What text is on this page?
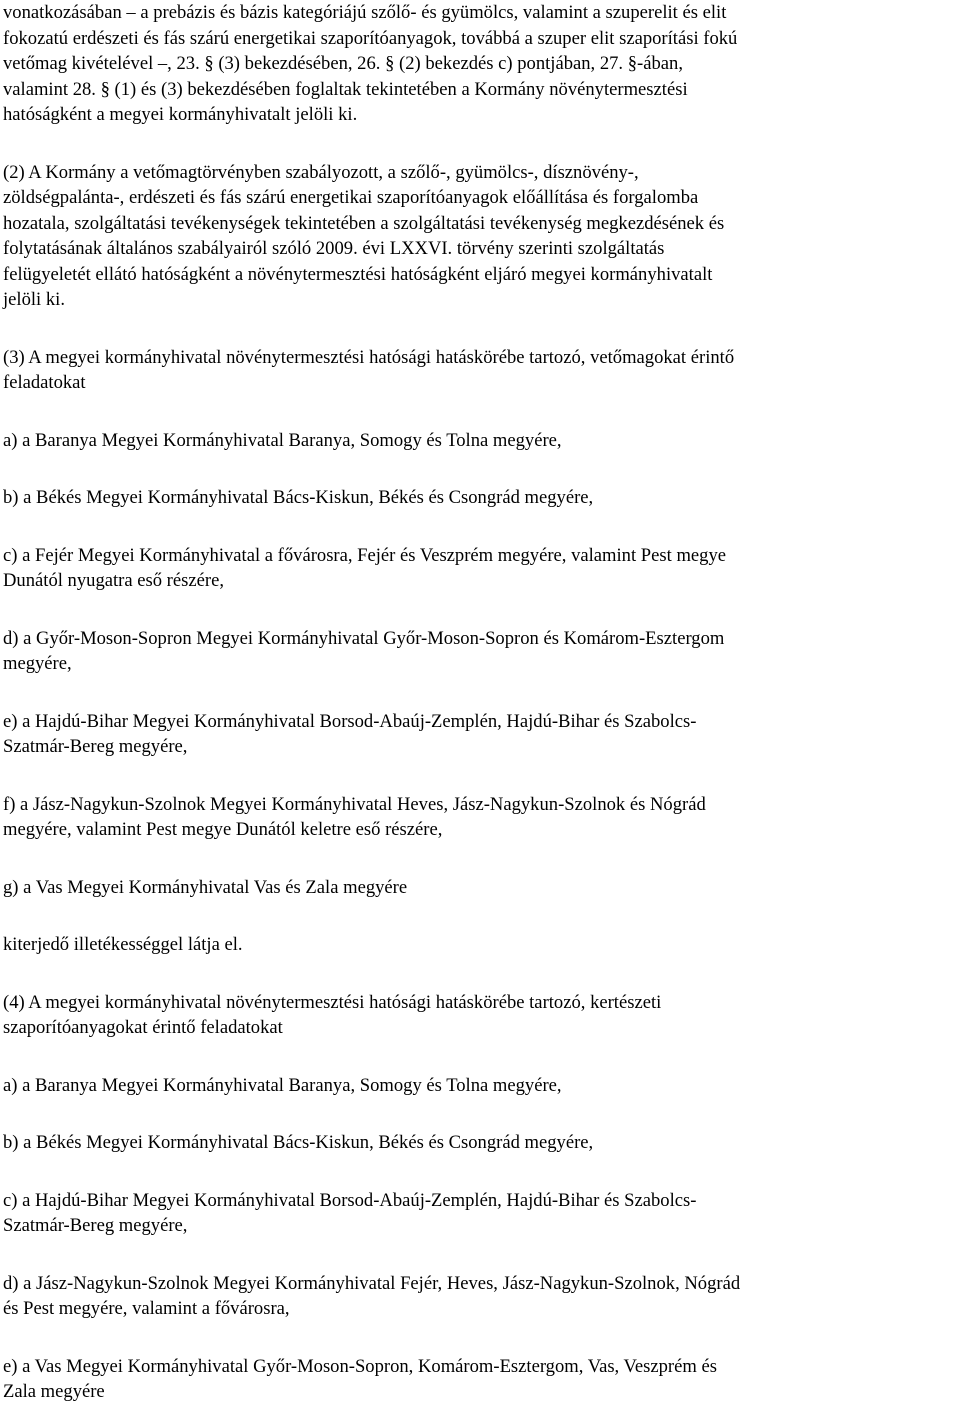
vonatkozásában – a prebázis és bázis kategóriájú szőlő- és gyümölcs, valamint a szuperelit és elit
fokozatú erdészeti és fás szárú energetikai szaporítóanyagok, továbbá a szuper elit szaporítási fokú
vetőmag kivételével –, 23. § (3) bekezdésében, 26. § (2) bekezdés c) pontjában, 27. §-ában,
valamint 28. § (1) és (3) bekezdésében foglaltak tekintetében a Kormány növénytermesztési
hatóságként a megyei kormányhivatalt jelöli ki.
(2) A Kormány a vetőmagtörvényben szabályozott, a szőlő-, gyümölcs-, dísznövény-,
zöldségpalánta-, erdészeti és fás szárú energetikai szaporítóanyagok előállítása és forgalomba
hozatala, szolgáltatási tevékenységek tekintetében a szolgáltatási tevékenység megkezdésének és
folytatásának általános szabályairól szóló 2009. évi LXXVI. törvény szerinti szolgáltatás
felügyeletét ellátó hatóságként a növénytermesztési hatóságként eljáró megyei kormányhivatalt
jelöli ki.
(3) A megyei kormányhivatal növénytermesztési hatósági hatáskörébe tartozó, vetőmagokat érintő
feladatokat
a) a Baranya Megyei Kormányhivatal Baranya, Somogy és Tolna megyére,
b) a Békés Megyei Kormányhivatal Bács-Kiskun, Békés és Csongrád megyére,
c) a Fejér Megyei Kormányhivatal a fővárosra, Fejér és Veszprém megyére, valamint Pest megye
Dunától nyugatra eső részére,
d) a Győr-Moson-Sopron Megyei Kormányhivatal Győr-Moson-Sopron és Komárom-Esztergom
megyére,
e) a Hajdú-Bihar Megyei Kormányhivatal Borsod-Abaúj-Zemplén, Hajdú-Bihar és Szabolcs-
Szatmár-Bereg megyére,
f) a Jász-Nagykun-Szolnok Megyei Kormányhivatal Heves, Jász-Nagykun-Szolnok és Nógrád
megyére, valamint Pest megye Dunától keletre eső részére,
g) a Vas Megyei Kormányhivatal Vas és Zala megyére
kiterjedő illetékességgel látja el.
(4) A megyei kormányhivatal növénytermesztési hatósági hatáskörébe tartozó, kertészeti
szaporítóanyagokat érintő feladatokat
a) a Baranya Megyei Kormányhivatal Baranya, Somogy és Tolna megyére,
b) a Békés Megyei Kormányhivatal Bács-Kiskun, Békés és Csongrád megyére,
c) a Hajdú-Bihar Megyei Kormányhivatal Borsod-Abaúj-Zemplén, Hajdú-Bihar és Szabolcs-
Szatmár-Bereg megyére,
d) a Jász-Nagykun-Szolnok Megyei Kormányhivatal Fejér, Heves, Jász-Nagykun-Szolnok, Nógrád
és Pest megyére, valamint a fővárosra,
e) a Vas Megyei Kormányhivatal Győr-Moson-Sopron, Komárom-Esztergom, Vas, Veszprém és
Zala megyére
